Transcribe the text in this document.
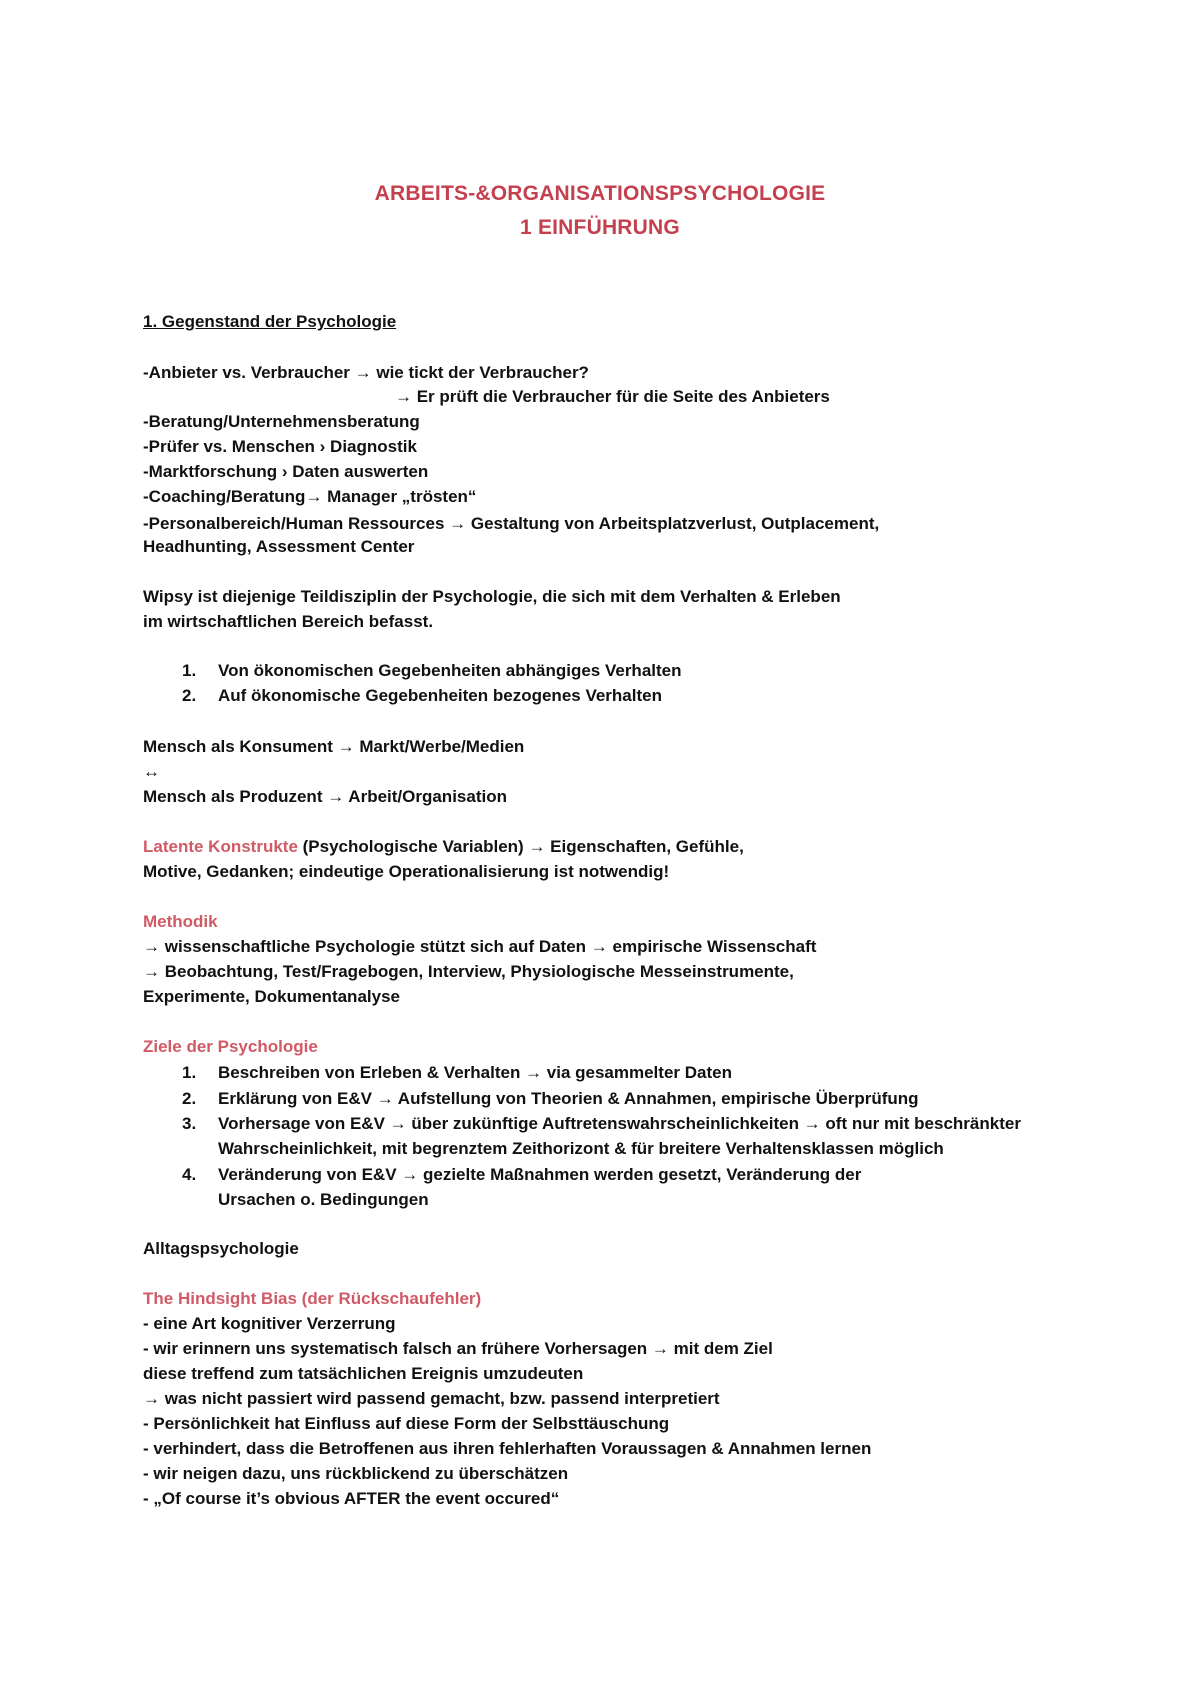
ARBEITS-&ORGANISATIONSPSYCHOLOGIE
1 EINFÜHRUNG
1. Gegenstand der Psychologie
-Anbieter vs. Verbraucher → wie tickt der Verbraucher?
→ Er prüft die Verbraucher für die Seite des Anbieters
-Beratung/Unternehmensberatung
-Prüfer vs. Menschen › Diagnostik
-Marktforschung › Daten auswerten
-Coaching/Beratung→ Manager „trösten“
-Personalbereich/Human Ressources → Gestaltung von Arbeitsplatzverlust, Outplacement,
Headhunting, Assessment Center
Wipsy ist diejenige Teildisziplin der Psychologie, die sich mit dem Verhalten & Erleben
im wirtschaftlichen Bereich befasst.
1. Von ökonomischen Gegebenheiten abhängiges Verhalten
2. Auf ökonomische Gegebenheiten bezogenes Verhalten
Mensch als Konsument → Markt/Werbe/Medien
↔
Mensch als Produzent → Arbeit/Organisation
Latente Konstrukte (Psychologische Variablen) → Eigenschaften, Gefühle,
Motive, Gedanken; eindeutige Operationalisierung ist notwendig!
Methodik
→ wissenschaftliche Psychologie stützt sich auf Daten → empirische Wissenschaft
→ Beobachtung, Test/Fragebogen, Interview, Physiologische Messeinstrumente,
Experimente, Dokumentanalyse
Ziele der Psychologie
1. Beschreiben von Erleben & Verhalten → via gesammelter Daten
2. Erklärung von E&V → Aufstellung von Theorien & Annahmen, empirische Überprüfung
3. Vorhersage von E&V → über zukünftige Auftretenswahrscheinlichkeiten → oft nur mit beschränkter
Wahrscheinlichkeit, mit begrenztem Zeithorizont & für breitere Verhaltensklassen möglich
4. Veränderung von E&V → gezielte Maßnahmen werden gesetzt, Veränderung der
Ursachen o. Bedingungen
Alltagspsychologie
The Hindsight Bias (der Rückschaufehler)
- eine Art kognitiver Verzerrung
- wir erinnern uns systematisch falsch an frühere Vorhersagen → mit dem Ziel
diese treffend zum tatsächlichen Ereignis umzudeuten
→ was nicht passiert wird passend gemacht, bzw. passend interpretiert
- Persönlichkeit hat Einfluss auf diese Form der Selbsttäuschung
- verhindert, dass die Betroffenen aus ihren fehlerhaften Voraussagen & Annahmen lernen
- wir neigen dazu, uns rückblickend zu überschätzen
- „Of course it’s obvious AFTER the event occured“
